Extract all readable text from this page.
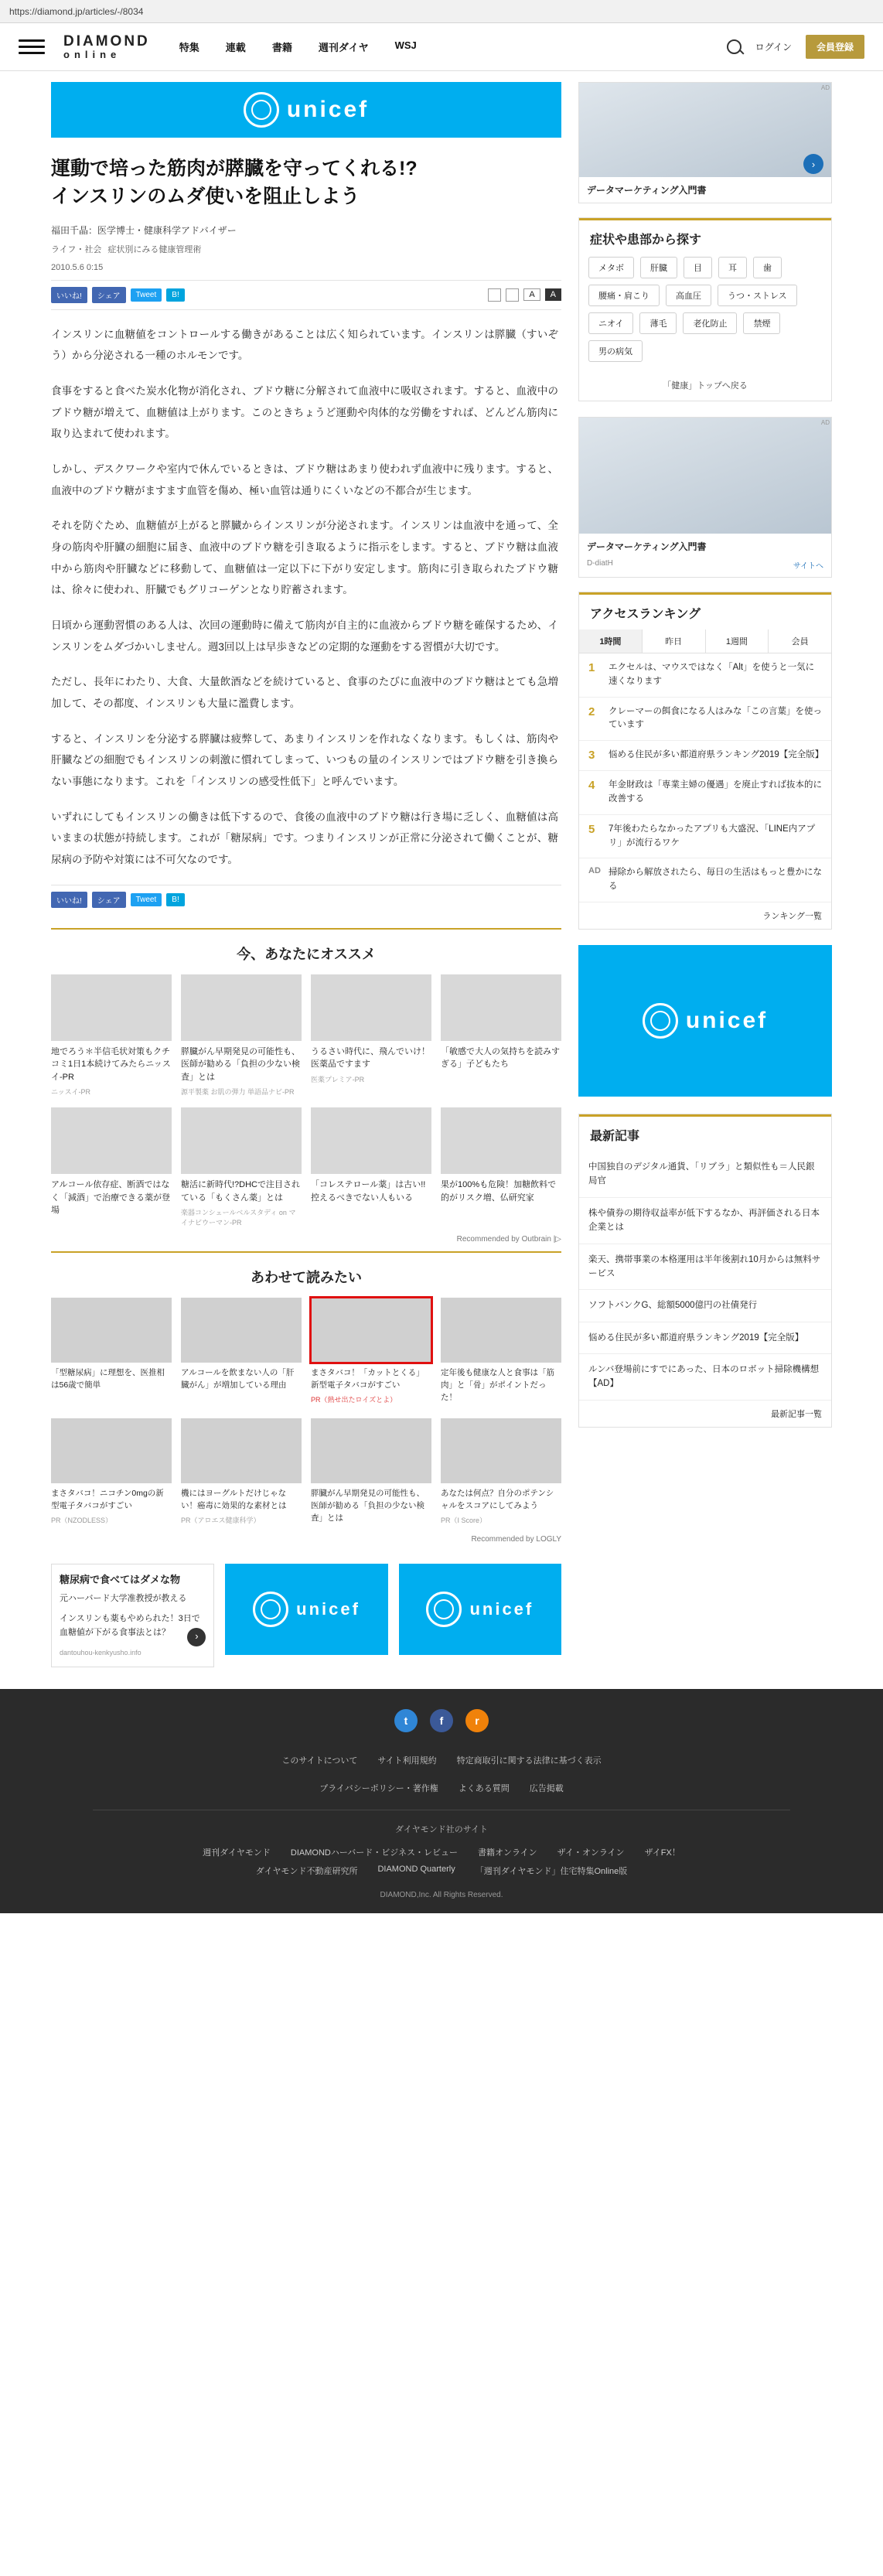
https://diamond.jp/articles/-/8034
DIAMOND
online
特集	連載	書籍	週刊ダイヤ	WSJ	ログイン	会員登録
unicef
運動で培った筋肉が膵臓を守ってくれる!?
インスリンのムダ使いを阻止しよう
福田千晶：医学博士・健康科学アドバイザー
ライフ・社会 症状別にみる健康管理術
2010.5.6 0:15
いいね!	シェア	Tweet	B!	A	A

インスリンに血糖値をコントロールする働きがあることは広く知られています。インスリンは膵臓（すいぞう）から分泌される一種のホルモンです。

食事をすると食べた炭水化物が消化され、ブドウ糖に分解されて血液中に吸収されます。すると、血液中のブドウ糖が増えて、血糖値は上がります。このときちょうど運動や肉体的な労働をすれば、どんどん筋肉に取り込まれて使われます。

しかし、デスクワークや室内で休んでいるときは、ブドウ糖はあまり使われず血液中に残ります。すると、血液中のブドウ糖がますます血管を傷め、極い血管は通りにくいなどの不都合が生じます。

それを防ぐため、血糖値が上がると膵臓からインスリンが分泌されます。インスリンは血液中を通って、全身の筋肉や肝臓の細胞に届き、血液中のブドウ糖を引き取るように指示をします。すると、ブドウ糖は血液中から筋肉や肝臓などに移動して、血糖値は一定以下に下がり安定します。筋肉に引き取られたブドウ糖は、徐々に使われ、肝臓でもグリコーゲンとなり貯蓄されます。

日頃から運動習慣のある人は、次回の運動時に備えて筋肉が自主的に血液からブドウ糖を確保するため、インスリンをムダづかいしません。週3回以上は早歩きなどの定期的な運動をする習慣が大切です。

ただし、長年にわたり、大食、大量飲酒などを続けていると、食事のたびに血液中のブドウ糖はとても急増加して、その都度、インスリンも大量に濫費します。

すると、インスリンを分泌する膵臓は疲弊して、あまりインスリンを作れなくなります。もしくは、筋肉や肝臓などの細胞でもインスリンの刺激に慣れてしまって、いつもの量のインスリンではブドウ糖を引き換らない事態になります。これを「インスリンの感受性低下」と呼んでいます。

いずれにしてもインスリンの働きは低下するので、食後の血液中のブドウ糖は行き場に乏しく、血糖値は高いままの状態が持続します。これが「糖尿病」です。つまりインスリンが正常に分泌されて働くことが、糖尿病の予防や対策には不可欠なのです。

いいね!	シェア	Tweet	B!
今、あなたにオススメ
地でろう＊半信毛状対策もクチコミ1日1本続けてみたらニッスイ-PR
ニッスイ-PR
膵臓がん早期発見の可能性も、医師が勧める「負担の少ない検査」とは
源平製薬 お肌の弾力 単語品ナビ-PR
うるさい時代に、飛んでいけ！医薬品ですます
医薬プレミア-PR
「敏感で大人の気持ちを読みすぎる」子どもたち
アルコール依存症、断酒ではなく「減酒」で治療できる薬が登場
糖活に新時代!?DHCで注目されている「もくさん薬」とは
楽器コンシェールベルスタディ on マイナビウーマン-PR
「コレステロール薬」は古い!!控えるべきでない人もいる
果が100%も危険！加糖飲料で的がリスク増、仏研究家
Recommended by Outbrain |▷
あわせて読みたい
「型糖尿病」に理想を、医推相は56歳で簡単
アルコールを飲まない人の「肝臓がん」が増加している理由
まさタバコ！「カットとくる」新型電子タバコがすごい
PR（熱せ出たロイズとよ）
定年後も健康な人と食事は「筋肉」と「骨」がポイントだった！
まさタバコ！ニコチン0mgの新型電子タバコがすごい
PR（NZODLESS）
機にはヨーグルトだけじゃない！癌毒に効果的な素材とは
PR（アロエス健康科学）
膵臓がん早期発見の可能性も、医師が勧める「負担の少ない検査」とは
あなたは何点？自分のポテンシャルをスコアにしてみよう
PR（I Score）
Recommended by LOGLY
糖尿病で食べてはダメな物
元ハーバード大学准教授が教える
インスリンも薬もやめられた！3日で血糖値が下がる食事法とは？	›
dantouhou-kenkyusho.info
unicef	unicef
AD
データマーケティング入門書
›
症状や患部から探す
メタボ	肝臓	目	耳	歯
腰痛・肩こり	高血圧	うつ・ストレス
ニオイ	薄毛	老化防止	禁煙
男の病気
「健康」トップへ戻る
AD
データマーケティング入門書
D-diatH	サイトへ
アクセスランキング
1時間	昨日	1週間	会員
1	エクセルは、マウスではなく「Alt」を使うと一気に速くなります
2	クレーマーの餌食になる人はみな「この言葉」を使っています
3	悩める住民が多い都道府県ランキング2019【完全版】
4	年金財政は「専業主婦の優遇」を廃止すれば抜本的に改善する
5	7年後わたらなかったアプリも大盛況、「LINE内アプリ」が流行るワケ
AD 掃除から解放されたら、毎日の生活はもっと豊かになる
ランキング一覧
unicef
最新記事
中国独自のデジタル通貨、「リブラ」と類似性も＝人民銀局官
株や債券の期待収益率が低下するなか、再評価される日本企業とは
楽天、携帯事業の本格運用は半年後割れ10月からは無料サービス
ソフトバンクG、総額5000億円の社債発行
悩める住民が多い都道府県ランキング2019【完全版】
ルンバ登場前にすでにあった、日本のロボット掃除機構想【AD】
最新記事一覧
t	f	r
このサイトについて サイト利用規約 特定商取引に関する法律に基づく表示
プライバシーポリシー・著作権 よくある質問 広告掲載
ダイヤモンド社のサイト
週刊ダイヤモンド DIAMONDハーバード・ビジネス・レビュー 書籍オンライン ザイ・オンライン ザイFX！
ダイヤモンド不動産研究所 DIAMOND Quarterly 「週刊ダイヤモンド」住宅特集Online版
DIAMOND,Inc. All Rights Reserved.
